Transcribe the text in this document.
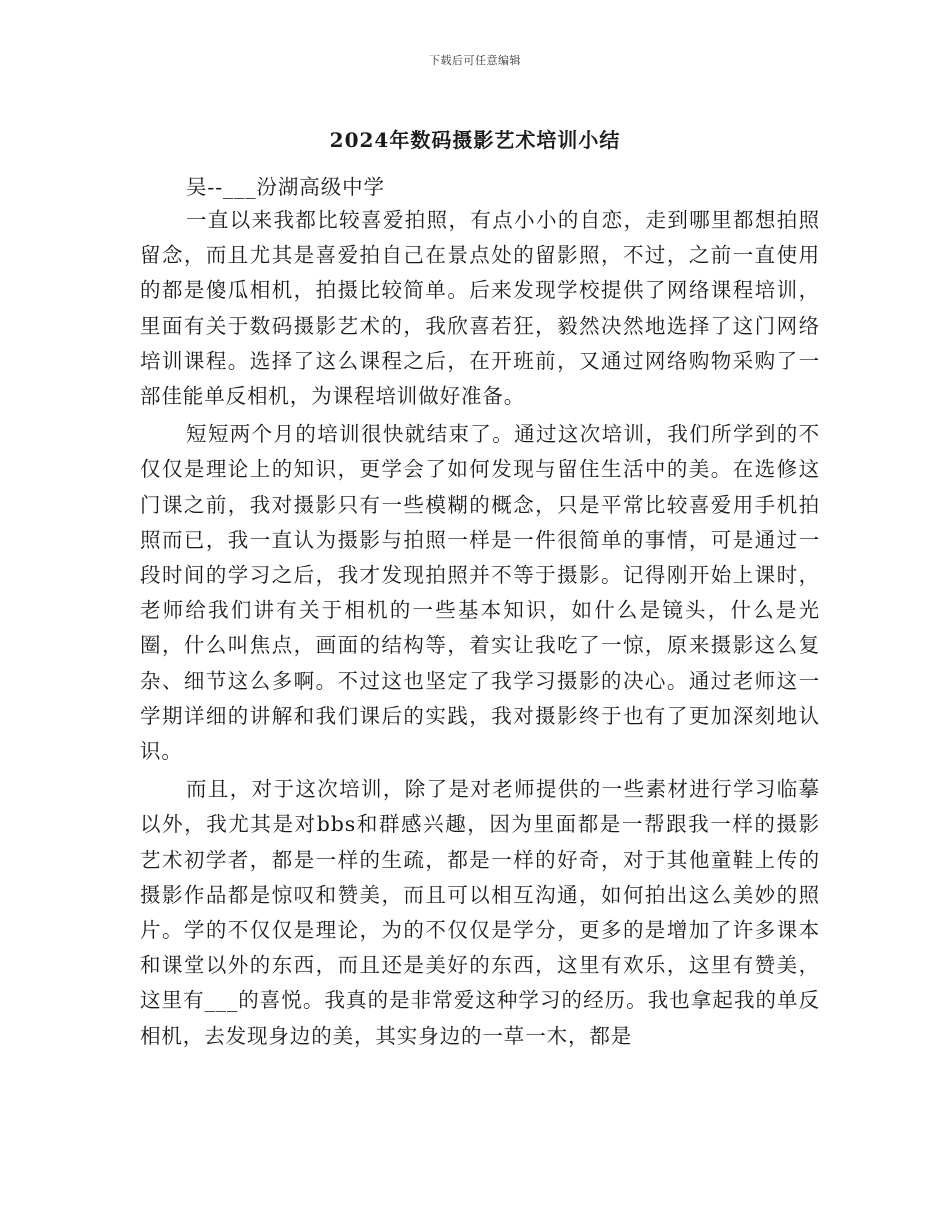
下载后可任意编辑
2024年数码摄影艺术培训小结

吴--___汾湖高级中学

一直以来我都比较喜爱拍照，有点小小的自恋，走到哪里都想拍照留念，而且尤其是喜爱拍自己在景点处的留影照，不过，之前一直使用的都是傻瓜相机，拍摄比较简单。后来发现学校提供了网络课程培训，里面有关于数码摄影艺术的，我欣喜若狂，毅然决然地选择了这门网络培训课程。选择了这么课程之后，在开班前，又通过网络购物采购了一部佳能单反相机，为课程培训做好准备。

短短两个月的培训很快就结束了。通过这次培训，我们所学到的不仅仅是理论上的知识，更学会了如何发现与留住生活中的美。在选修这门课之前，我对摄影只有一些模糊的概念，只是平常比较喜爱用手机拍照而已，我一直认为摄影与拍照一样是一件很简单的事情，可是通过一段时间的学习之后，我才发现拍照并不等于摄影。记得刚开始上课时，老师给我们讲有关于相机的一些基本知识，如什么是镜头，什么是光圈，什么叫焦点，画面的结构等，着实让我吃了一惊，原来摄影这么复杂、细节这么多啊。不过这也坚定了我学习摄影的决心。通过老师这一学期详细的讲解和我们课后的实践，我对摄影终于也有了更加深刻地认识。

而且，对于这次培训，除了是对老师提供的一些素材进行学习临摹以外，我尤其是对bbs和群感兴趣，因为里面都是一帮跟我一样的摄影艺术初学者，都是一样的生疏，都是一样的好奇，对于其他童鞋上传的摄影作品都是惊叹和赞美，而且可以相互沟通，如何拍出这么美妙的照片。学的不仅仅是理论，为的不仅仅是学分，更多的是增加了许多课本和课堂以外的东西，而且还是美好的东西，这里有欢乐，这里有赞美，这里有___的喜悦。我真的是非常爱这种学习的经历。我也拿起我的单反相机，去发现身边的美，其实身边的一草一木，都是
